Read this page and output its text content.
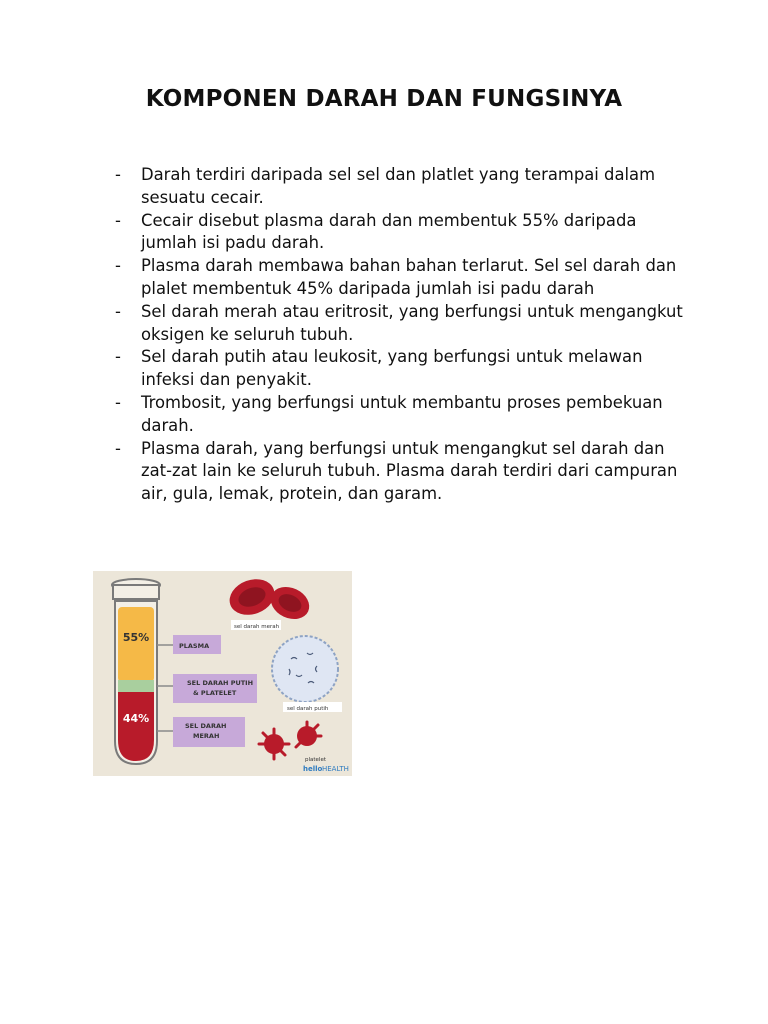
KOMPONEN DARAH DAN FUNGSINYA
-	Darah terdiri daripada sel sel dan platlet yang terampai dalam sesuatu cecair.
-	Cecair disebut plasma darah dan membentuk 55% daripada jumlah isi padu darah.
-	Plasma darah membawa bahan bahan terlarut. Sel sel darah dan plalet membentuk 45% daripada jumlah isi padu darah
-	Sel darah merah atau eritrosit, yang berfungsi untuk mengangkut oksigen ke seluruh tubuh.
-	Sel darah putih atau leukosit, yang berfungsi untuk melawan infeksi dan penyakit.
-	Trombosit, yang berfungsi untuk membantu proses pembekuan darah.
-	Plasma darah, yang berfungsi untuk mengangkut sel darah dan zat-zat lain ke seluruh tubuh. Plasma darah terdiri dari campuran air, gula, lemak, protein, dan garam.
55%
44%
PLASMA
SEL DARAH PUTIH
& PLATELET
SEL DARAH
MERAH
sel darah merah
sel darah putih
platelet
hello HEALTH
